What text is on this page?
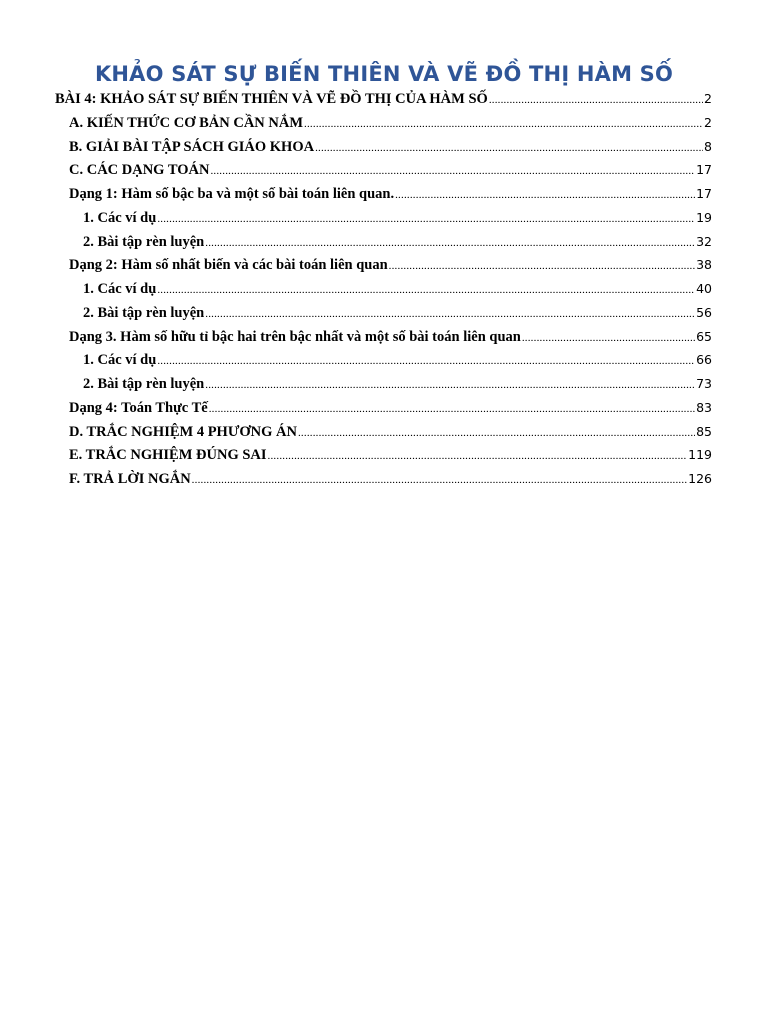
KHẢO SÁT SỰ BIẾN THIÊN VÀ VẼ ĐỒ THỊ HÀM SỐ
BÀI 4: KHẢO SÁT SỰ BIẾN THIÊN VÀ VẼ ĐỒ THỊ CỦA HÀM SỐ .....	2
A. KIẾN THỨC CƠ BẢN CẦN NẮM .....	2
B. GIẢI BÀI TẬP SÁCH GIÁO KHOA .....	8
C. CÁC DẠNG TOÁN .....	17
Dạng 1: Hàm số bậc ba và một số bài toán liên quan. .....	17
1. Các ví dụ .....	19
2. Bài tập rèn luyện .....	32
Dạng 2: Hàm số nhất biến và các bài toán liên quan .....	38
1. Các ví dụ .....	40
2. Bài tập rèn luyện .....	56
Dạng 3. Hàm số hữu tỉ bậc hai trên bậc nhất và một số bài toán liên quan .....	65
1. Các ví dụ .....	66
2. Bài tập rèn luyện .....	73
Dạng 4: Toán Thực Tế .....	83
D. TRẮC NGHIỆM 4 PHƯƠNG ÁN .....	85
E. TRẮC NGHIỆM ĐÚNG SAI .....	119
F. TRẢ LỜI NGẮN .....	126
